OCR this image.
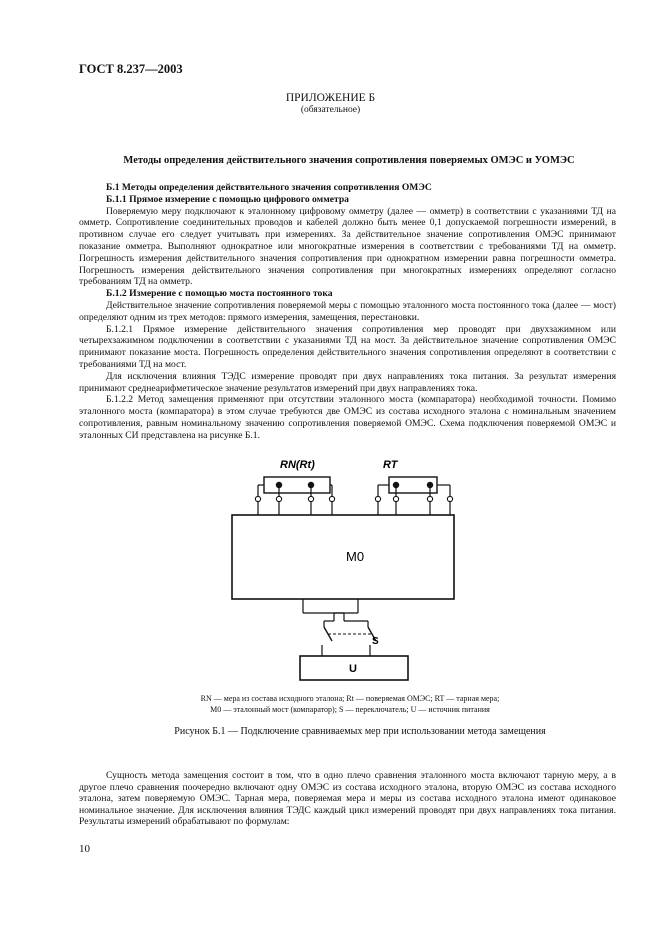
ГОСТ 8.237—2003
ПРИЛОЖЕНИЕ Б
(обязательное)
Методы определения действительного значения сопротивления поверяемых ОМЭС и УОМЭС

Б.1 Методы определения действительного значения сопротивления ОМЭС

Б.1.1 Прямое измерение с помощью цифрового омметра

Поверяемую меру подключают к эталонному цифровому омметру (далее — омметр) в соответствии с указаниями ТД на омметр. Сопротивление соединительных проводов и кабелей должно быть менее 0,1 допускаемой погрешности измерений, в противном случае его следует учитывать при измерениях. За действительное значение сопротивления ОМЭС принимают показание омметра. Выполняют однократное или многократные измерения в соответствии с требованиями ТД на омметр. Погрешность измерения действительного значения сопротивления при однократном измерении равна погрешности омметра. Погрешность измерения действительного значения сопротивления при многократных измерениях определяют согласно требованиям ТД на омметр.

Б.1.2 Измерение с помощью моста постоянного тока

Действительное значение сопротивления поверяемой меры с помощью эталонного моста постоянного тока (далее — мост) определяют одним из трех методов: прямого измерения, замещения, перестановки.

Б.1.2.1 Прямое измерение действительного значения сопротивления мер проводят при двухзажимном или четырехзажимном подключении в соответствии с указаниями ТД на мост. За действительное значение сопротивления ОМЭС принимают показание моста. Погрешность определения действительного значения сопротивления определяют в соответствии с требованиями ТД на мост.

Для исключения влияния ТЭДС измерение проводят при двух направлениях тока питания. За результат измерения принимают среднеарифметическое значение результатов измерений при двух направлениях тока.

Б.1.2.2 Метод замещения применяют при отсутствии эталонного моста (компаратора) необходимой точности. Помимо эталонного моста (компаратора) в этом случае требуются две ОМЭС из состава исходного эталона с номинальным значением сопротивления, равным номинальному значению сопротивления поверяемой ОМЭС. Схема подключения поверяемой ОМЭС и эталонных СИ представлена на рисунке Б.1.

RN(Rt)	RT
M0
S
U
RN — мера из состава исходного эталона; Rt — поверяемая ОМЭС; RT — тарная мера;
M0 — эталонный мост (компаратор); S — переключатель; U — источник питания
Рисунок Б.1 — Подключение сравниваемых мер при использовании метода замещения

Сущность метода замещения состоит в том, что в одно плечо сравнения эталонного моста включают тарную меру, а в другое плечо сравнения поочередно включают одну ОМЭС из состава исходного эталона, вторую ОМЭС из состава исходного эталона, затем поверяемую ОМЭС. Тарная мера, поверяемая мера и меры из состава исходного эталона имеют одинаковое номинальное значение. Для исключения влияния ТЭДС каждый цикл измерений проводят при двух направлениях тока питания. Результаты измерений обрабатывают по формулам:

10
